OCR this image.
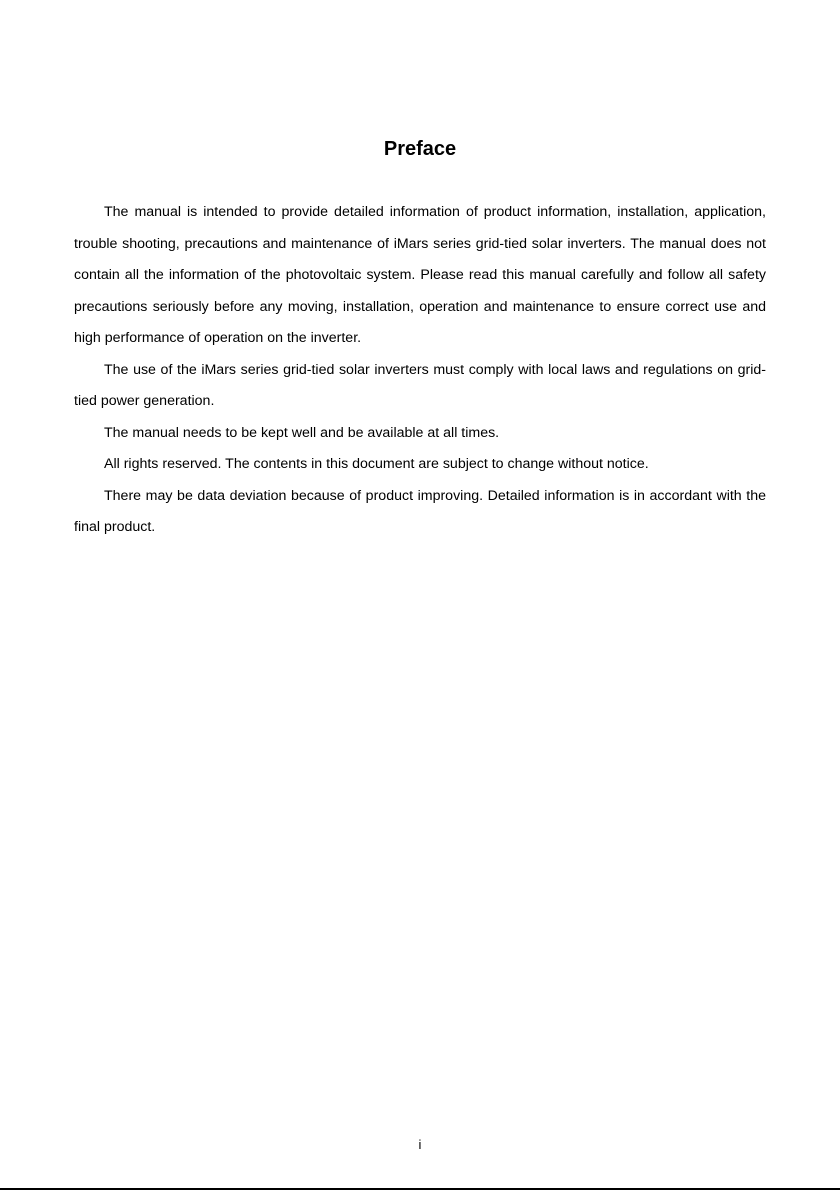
Preface

The manual is intended to provide detailed information of product information, installation, application, trouble shooting, precautions and maintenance of iMars series grid-tied solar inverters. The manual does not contain all the information of the photovoltaic system. Please read this manual carefully and follow all safety precautions seriously before any moving, installation, operation and maintenance to ensure correct use and high performance of operation on the inverter.

The use of the iMars series grid-tied solar inverters must comply with local laws and regulations on grid-tied power generation.

The manual needs to be kept well and be available at all times.

All rights reserved. The contents in this document are subject to change without notice.

There may be data deviation because of product improving. Detailed information is in accordant with the final product.

i
